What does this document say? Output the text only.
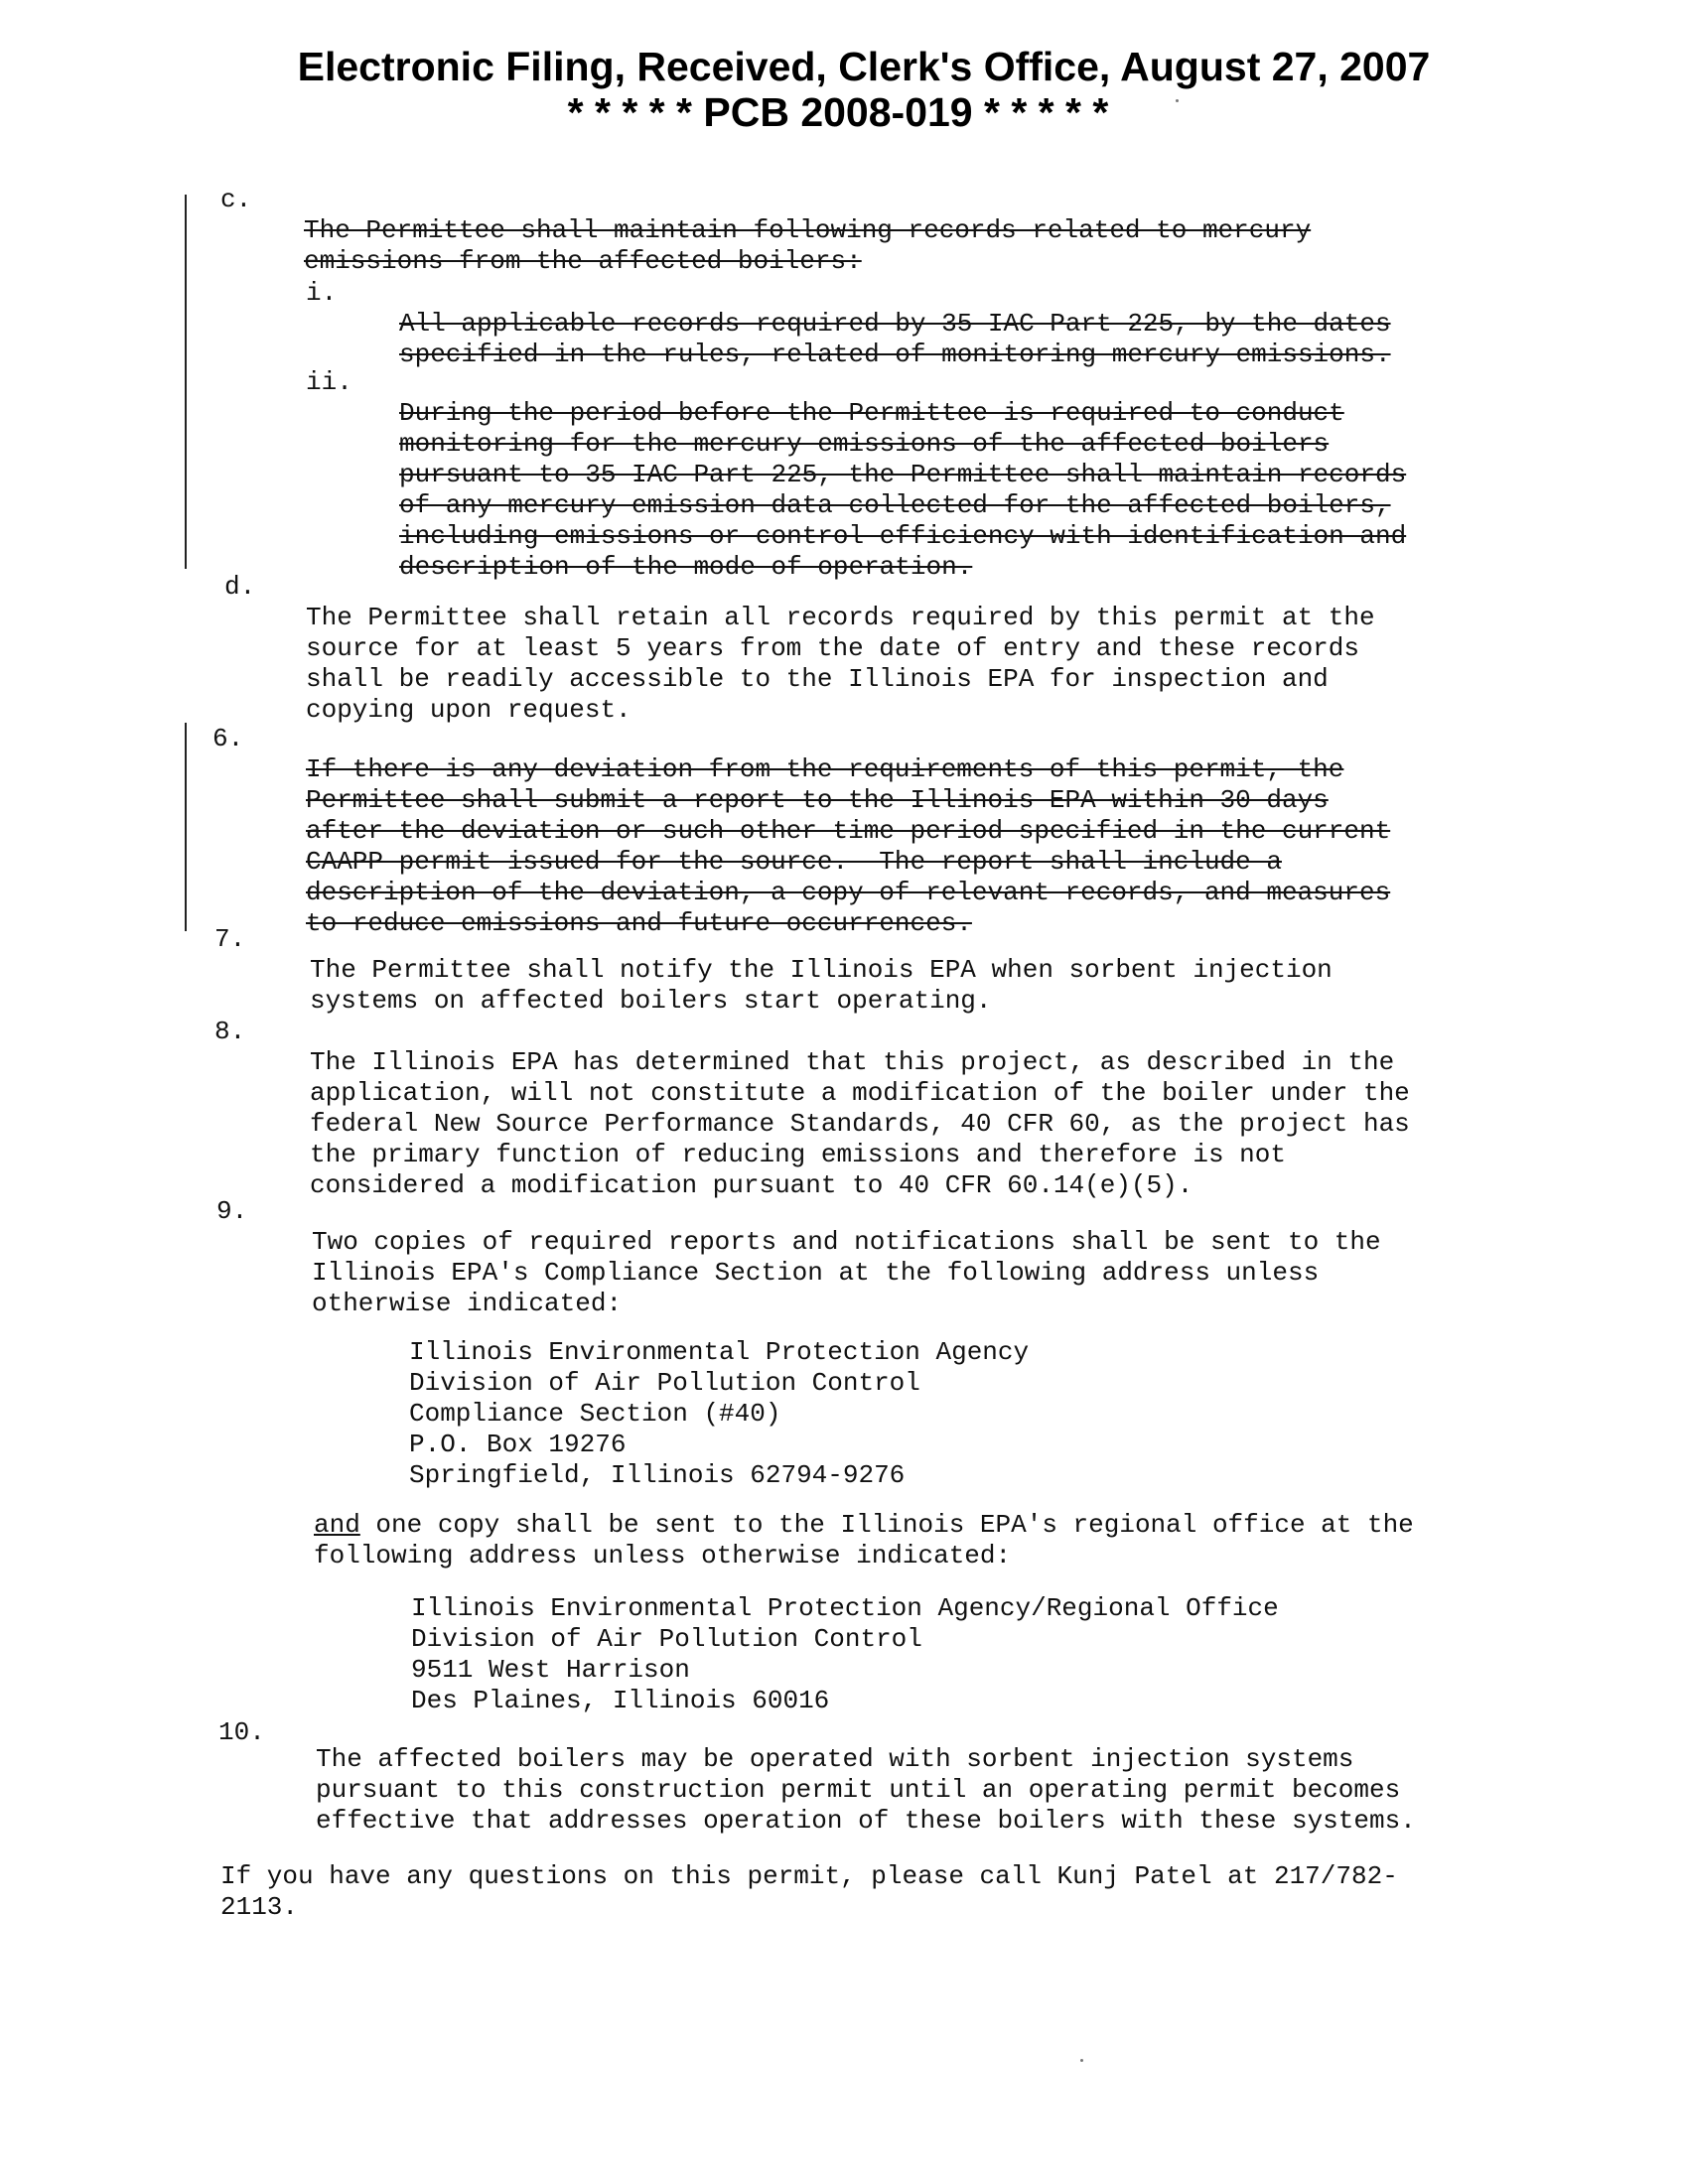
Electronic Filing, Received, Clerk's Office, August 27, 2007
* * * * * PCB 2008-019 * * * * *
c.

The Permittee shall maintain following records related to mercury
emissions from the affected boilers:
i.

All applicable records required by 35 IAC Part 225, by the dates
specified in the rules, related of monitoring mercury emissions.
ii.

During the period before the Permittee is required to conduct
monitoring for the mercury emissions of the affected boilers
pursuant to 35 IAC Part 225, the Permittee shall maintain records
of any mercury emission data collected for the affected boilers,
including emissions or control efficiency with identification and
description of the mode of operation.
d.

The Permittee shall retain all records required by this permit at the
source for at least 5 years from the date of entry and these records
shall be readily accessible to the Illinois EPA for inspection and
copying upon request.
6.

If there is any deviation from the requirements of this permit, the
Permittee shall submit a report to the Illinois EPA within 30 days
after the deviation or such other time period specified in the current
CAAPP permit issued for the source.  The report shall include a
description of the deviation, a copy of relevant records, and measures
to reduce emissions and future occurrences.
7.

The Permittee shall notify the Illinois EPA when sorbent injection
systems on affected boilers start operating.
8.

The Illinois EPA has determined that this project, as described in the
application, will not constitute a modification of the boiler under the
federal New Source Performance Standards, 40 CFR 60, as the project has
the primary function of reducing emissions and therefore is not
considered a modification pursuant to 40 CFR 60.14(e)(5).
9.

Two copies of required reports and notifications shall be sent to the
Illinois EPA's Compliance Section at the following address unless
otherwise indicated:

Illinois Environmental Protection Agency
Division of Air Pollution Control
Compliance Section (#40)
P.O. Box 19276
Springfield, Illinois 62794-9276

and one copy shall be sent to the Illinois EPA's regional office at the
following address unless otherwise indicated:

Illinois Environmental Protection Agency/Regional Office
Division of Air Pollution Control
9511 West Harrison
Des Plaines, Illinois 60016
10.

The affected boilers may be operated with sorbent injection systems
pursuant to this construction permit until an operating permit becomes
effective that addresses operation of these boilers with these systems.

If you have any questions on this permit, please call Kunj Patel at 217/782-
2113.
